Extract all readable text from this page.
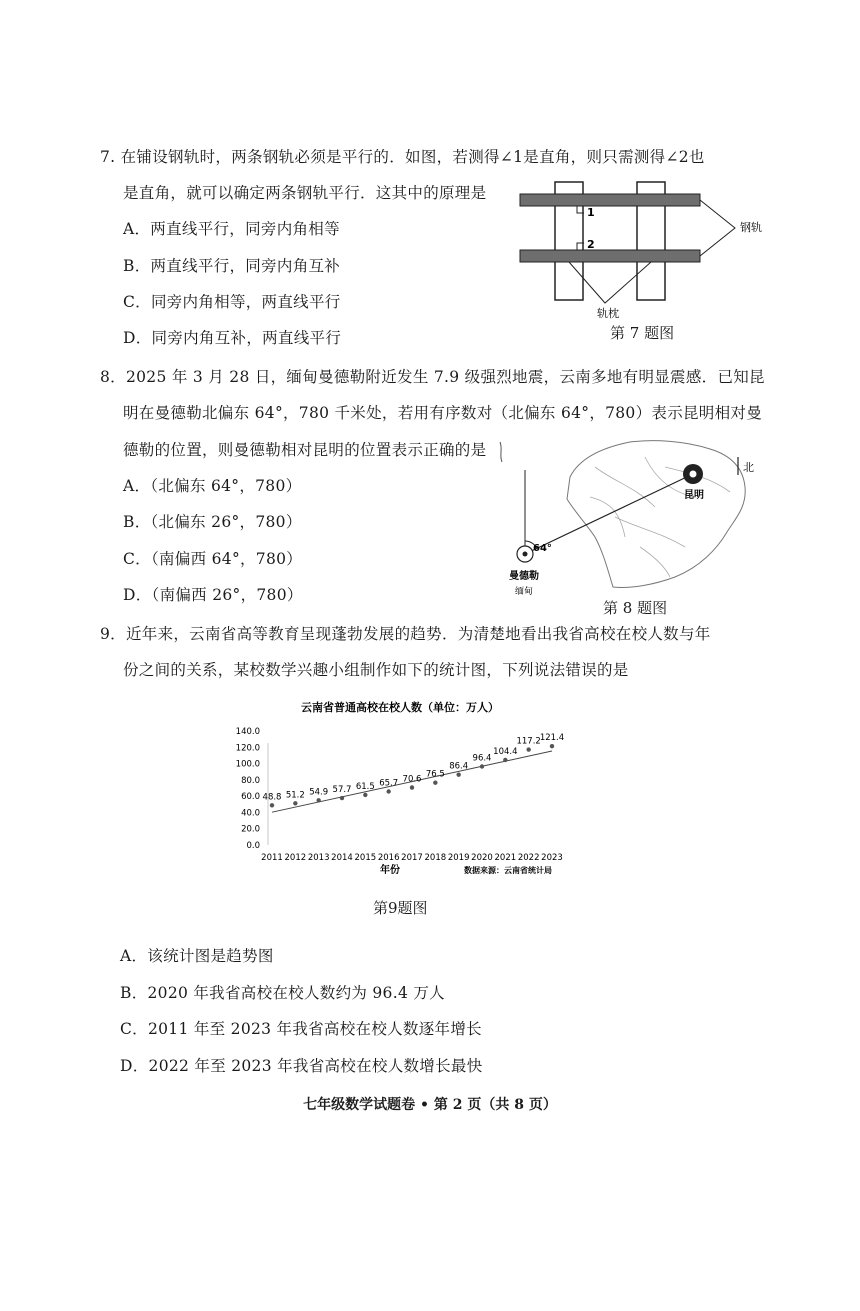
7. 在铺设钢轨时，两条钢轨必须是平行的．如图，若测得∠1是直角，则只需测得∠2也
是直角，就可以确定两条钢轨平行．这其中的原理是
A．两直线平行，同旁内角相等
B．两直线平行，同旁内角互补
C．同旁内角相等，两直线平行
D．同旁内角互补，两直线平行
1
2
钢轨
轨枕
第 7 题图
8．2025 年 3 月 28 日，缅甸曼德勒附近发生 7.9 级强烈地震，云南多地有明显震感．已知昆
明在曼德勒北偏东 64°，780 千米处，若用有序数对（北偏东 64°，780）表示昆明相对曼
德勒的位置，则曼德勒相对昆明的位置表示正确的是
A．（北偏东 64°，780）
B．（北偏东 26°，780）
C．（南偏西 64°，780）
D．（南偏西 26°，780）
北
64°
曼德勒
缅甸
昆明
第 8 题图
9．近年来，云南省高等教育呈现蓬勃发展的趋势．为清楚地看出我省高校在校人数与年
份之间的关系，某校数学兴趣小组制作如下的统计图，下列说法错误的是
云南省普通高校在校人数（单位：万人）
0.0
20.0
40.0
60.0
80.0
100.0
120.0
140.0
2011 2012 2013 2014 2015 2016 2017 2018 2019 2020 2021 2022 2023
48.8 51.2 54.9 57.7 61.5 65.7 70.6 76.5
86.4
96.4
104.4
117.2
121.4
年份	数据来源：云南省统计局
第9题图
A．该统计图是趋势图
B．2020 年我省高校在校人数约为 96.4 万人
C．2011 年至 2023 年我省高校在校人数逐年增长
D．2022 年至 2023 年我省高校在校人数增长最快
七年级数学试题卷 • 第 2 页（共 8 页）
